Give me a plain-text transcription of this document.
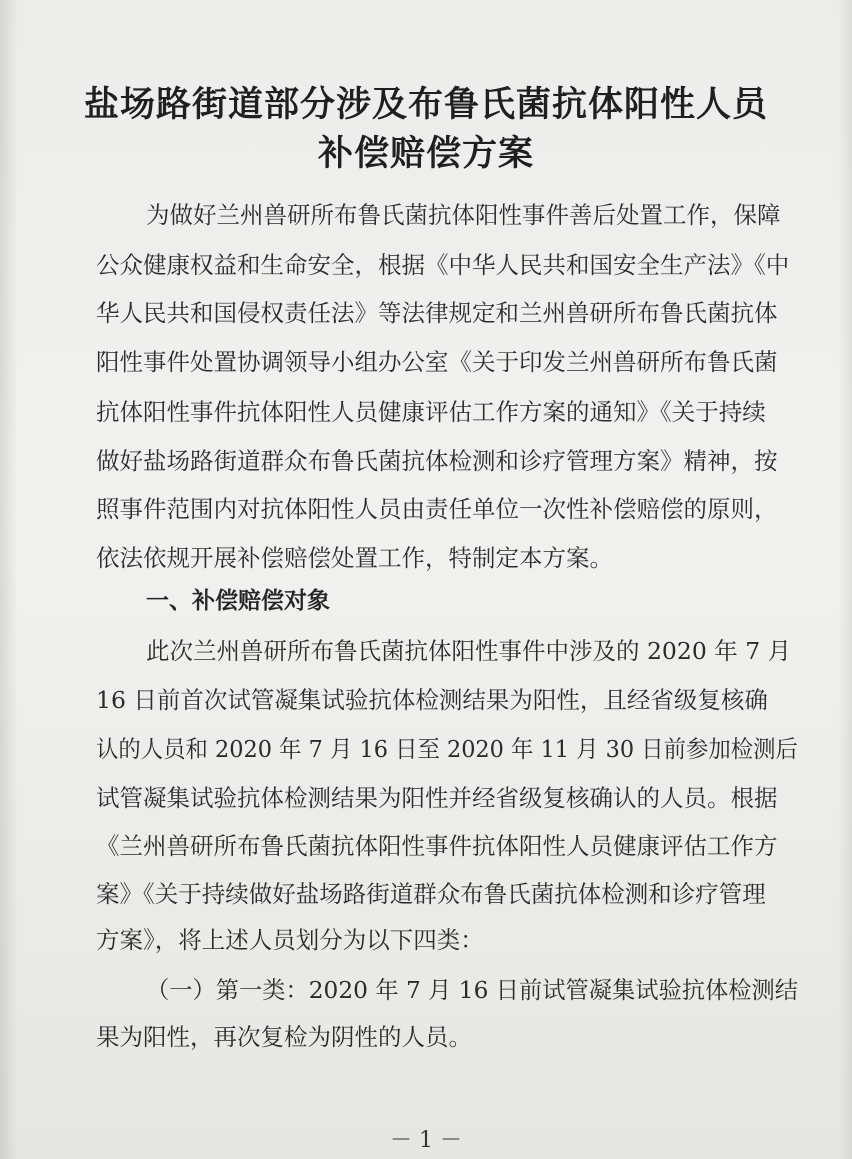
盐场路街道部分涉及布鲁氏菌抗体阳性人员
补偿赔偿方案
为做好兰州兽研所布鲁氏菌抗体阳性事件善后处置工作，保障
公众健康权益和生命安全，根据《中华人民共和国安全生产法》《中
华人民共和国侵权责任法》等法律规定和兰州兽研所布鲁氏菌抗体
阳性事件处置协调领导小组办公室《关于印发兰州兽研所布鲁氏菌
抗体阳性事件抗体阳性人员健康评估工作方案的通知》《关于持续
做好盐场路街道群众布鲁氏菌抗体检测和诊疗管理方案》精神，按
照事件范围内对抗体阳性人员由责任单位一次性补偿赔偿的原则，
依法依规开展补偿赔偿处置工作，特制定本方案。
一、补偿赔偿对象
此次兰州兽研所布鲁氏菌抗体阳性事件中涉及的 2020 年 7 月
16 日前首次试管凝集试验抗体检测结果为阳性，且经省级复核确
认的人员和 2020 年 7 月 16 日至 2020 年 11 月 30 日前参加检测后
试管凝集试验抗体检测结果为阳性并经省级复核确认的人员。根据
《兰州兽研所布鲁氏菌抗体阳性事件抗体阳性人员健康评估工作方
案》《关于持续做好盐场路街道群众布鲁氏菌抗体检测和诊疗管理
方案》，将上述人员划分为以下四类：
（一）第一类：2020 年 7 月 16 日前试管凝集试验抗体检测结
果为阳性，再次复检为阴性的人员。
－ 1 －
